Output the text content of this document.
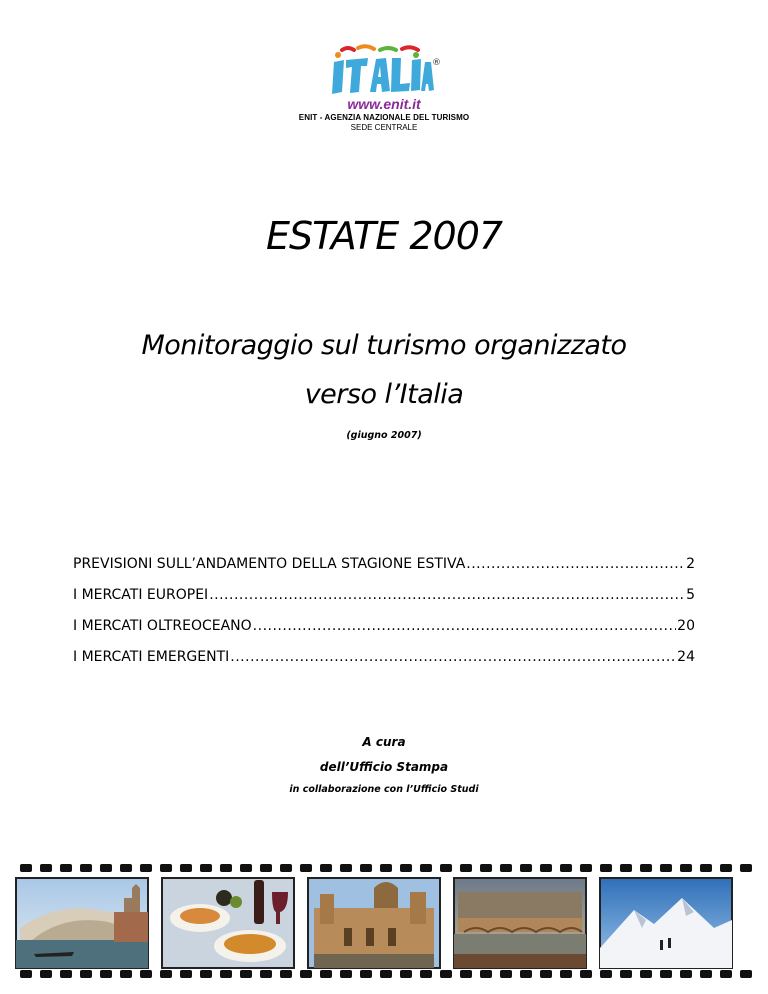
®
www.enit.it
ENIT - AGENZIA NAZIONALE DEL TURISMO
SEDE CENTRALE
ESTATE 2007
Monitoraggio sul turismo organizzato
verso l’Italia
(giugno 2007)
PREVISIONI SULL’ANDAMENTO DELLA STAGIONE ESTIVA .....	2
I MERCATI EUROPEI .....	5
I MERCATI OLTREOCEANO .....	20
I MERCATI EMERGENTI .....	24
A cura
dell’Ufficio Stampa
in collaborazione con l’Ufficio Studi
